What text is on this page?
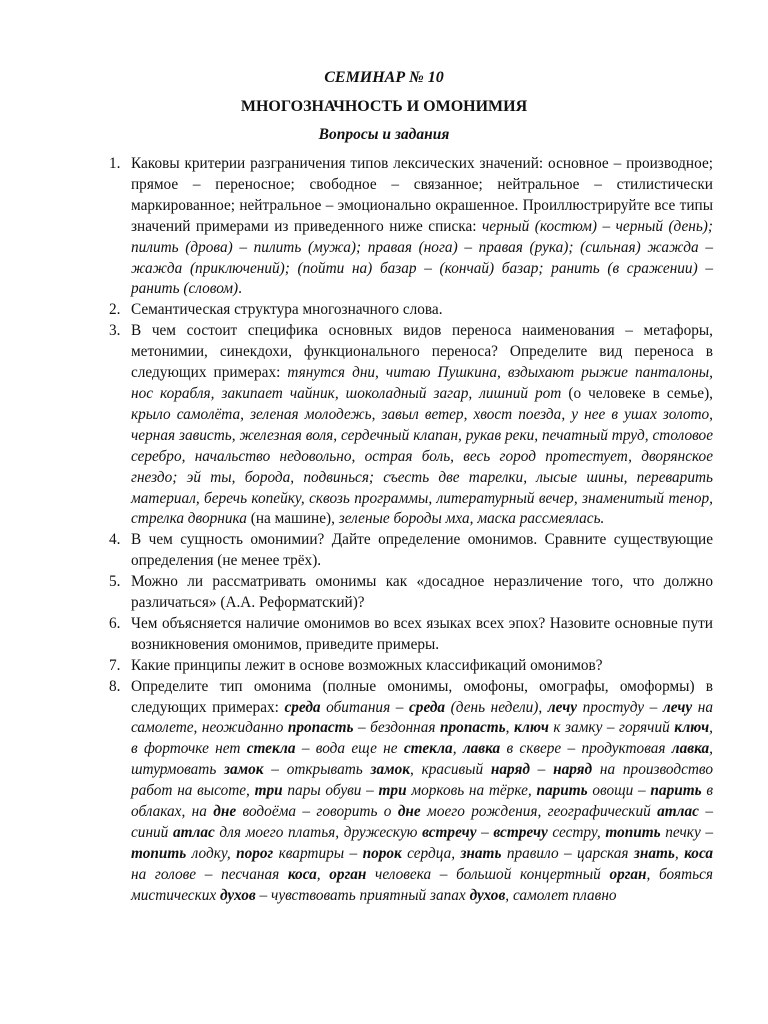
СЕМИНАР № 10
МНОГОЗНАЧНОСТЬ И ОМОНИМИЯ
Вопросы и задания
1. Каковы критерии разграничения типов лексических значений: основное – производное; прямое – переносное; свободное – связанное; нейтральное – стилистически маркированное; нейтральное – эмоционально окрашенное. Проиллюстрируйте все типы значений примерами из приведенного ниже списка: черный (костюм) – черный (день); пилить (дрова) – пилить (мужа); правая (нога) – правая (рука); (сильная) жажда – жажда (приключений); (пойти на) базар – (кончай) базар; ранить (в сражении) – ранить (словом).
2. Семантическая структура многозначного слова.
3. В чем состоит специфика основных видов переноса наименования – метафоры, метонимии, синекдохи, функционального переноса? Определите вид переноса в следующих примерах: тянутся дни, читаю Пушкина, вздыхают рыжие панталоны, нос корабля, закипает чайник, шоколадный загар, лишний рот (о человеке в семье), крыло самолёта, зеленая молодежь, завыл ветер, хвост поезда, у нее в ушах золото, черная зависть, железная воля, сердечный клапан, рукав реки, печатный труд, столовое серебро, начальство недовольно, острая боль, весь город протестует, дворянское гнездо; эй ты, борода, подвинься; съесть две тарелки, лысые шины, переварить материал, беречь копейку, сквозь программы, литературный вечер, знаменитый тенор, стрелка дворника (на машине), зеленые бороды мха, маска рассмеялась.
4. В чем сущность омонимии? Дайте определение омонимов. Сравните существующие определения (не менее трёх).
5. Можно ли рассматривать омонимы как «досадное неразличение того, что должно различаться» (А.А. Реформатский)?
6. Чем объясняется наличие омонимов во всех языках всех эпох? Назовите основные пути возникновения омонимов, приведите примеры.
7. Какие принципы лежит в основе возможных классификаций омонимов?
8. Определите тип омонима (полные омонимы, омофоны, омографы, омоформы) в следующих примерах: среда обитания – среда (день недели), лечу простуду – лечу на самолете, неожиданно пропасть – бездонная пропасть, ключ к замку – горячий ключ, в форточке нет стекла – вода еще не стекла, лавка в сквере – продуктовая лавка, штурмовать замок – открывать замок, красивый наряд – наряд на производство работ на высоте, три пары обуви – три морковь на тёрке, парить овощи – парить в облаках, на дне водоёма – говорить о дне моего рождения, географический атлас – синий атлас для моего платья, дружескую встречу – встречу сестру, топить печку – топить лодку, порог квартиры – порок сердца, знать правило – царская знать, коса на голове – песчаная коса, орган человека – большой концертный орган, бояться мистических духов – чувствовать приятный запах духов, самолет плавно
